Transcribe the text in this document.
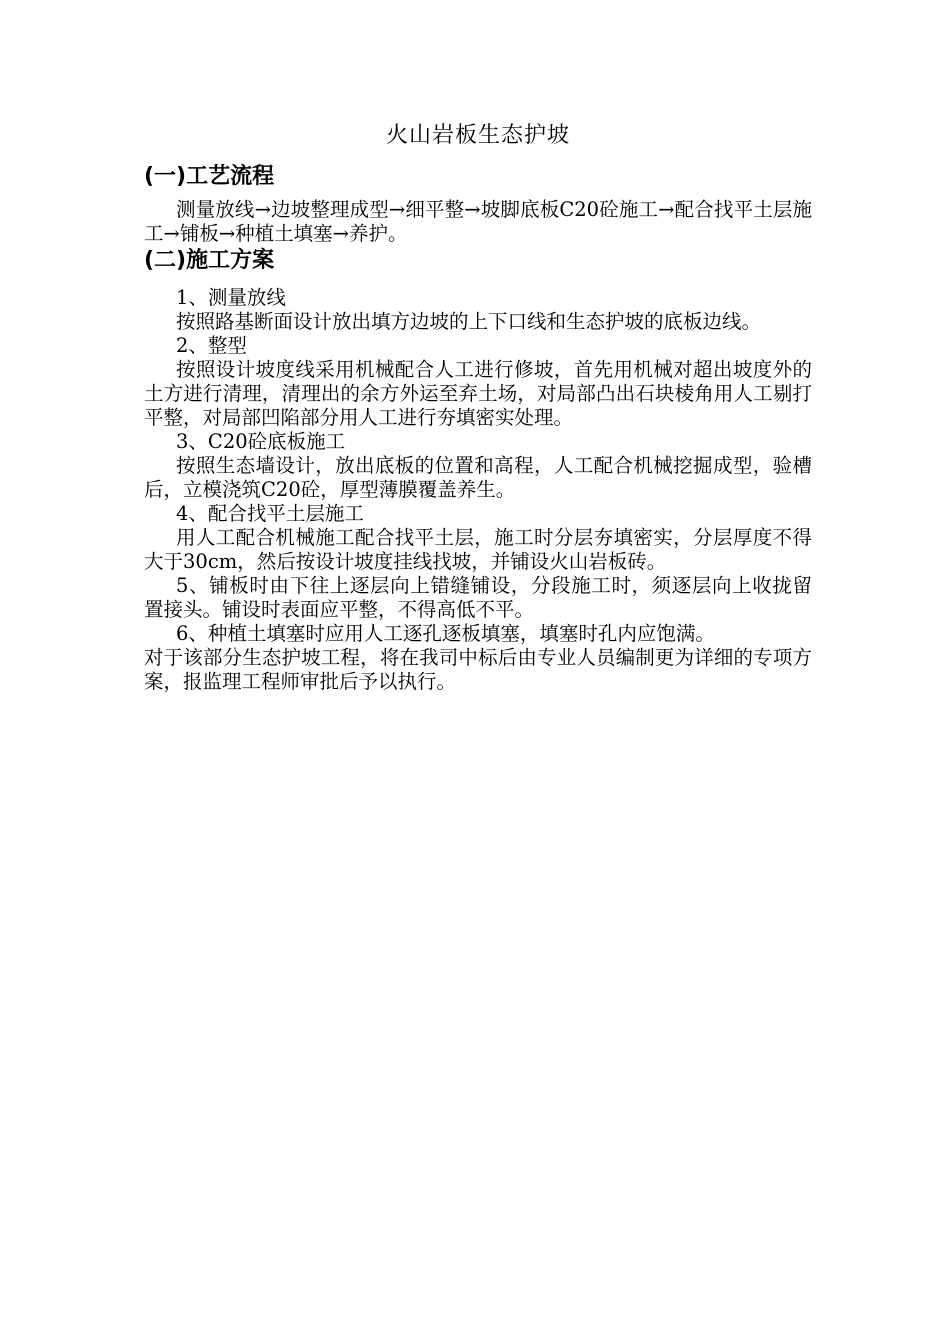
火山岩板生态护坡
(一)工艺流程

测量放线→边坡整理成型→细平整→坡脚底板C20砼施工→配合找平土层施工→铺板→种植土填塞→养护。

(二)施工方案

1、测量放线

按照路基断面设计放出填方边坡的上下口线和生态护坡的底板边线。

2、整型

按照设计坡度线采用机械配合人工进行修坡，首先用机械对超出坡度外的土方进行清理，清理出的余方外运至弃土场，对局部凸出石块棱角用人工剔打平整，对局部凹陷部分用人工进行夯填密实处理。

3、C20砼底板施工

按照生态墙设计，放出底板的位置和高程，人工配合机械挖掘成型，验槽后，立模浇筑C20砼，厚型薄膜覆盖养生。

4、配合找平土层施工

用人工配合机械施工配合找平土层，施工时分层夯填密实，分层厚度不得大于30cm，然后按设计坡度挂线找坡，并铺设火山岩板砖。

5、铺板时由下往上逐层向上错缝铺设，分段施工时，须逐层向上收拢留置接头。铺设时表面应平整，不得高低不平。

6、种植土填塞时应用人工逐孔逐板填塞，填塞时孔内应饱满。

对于该部分生态护坡工程，将在我司中标后由专业人员编制更为详细的专项方案，报监理工程师审批后予以执行。
